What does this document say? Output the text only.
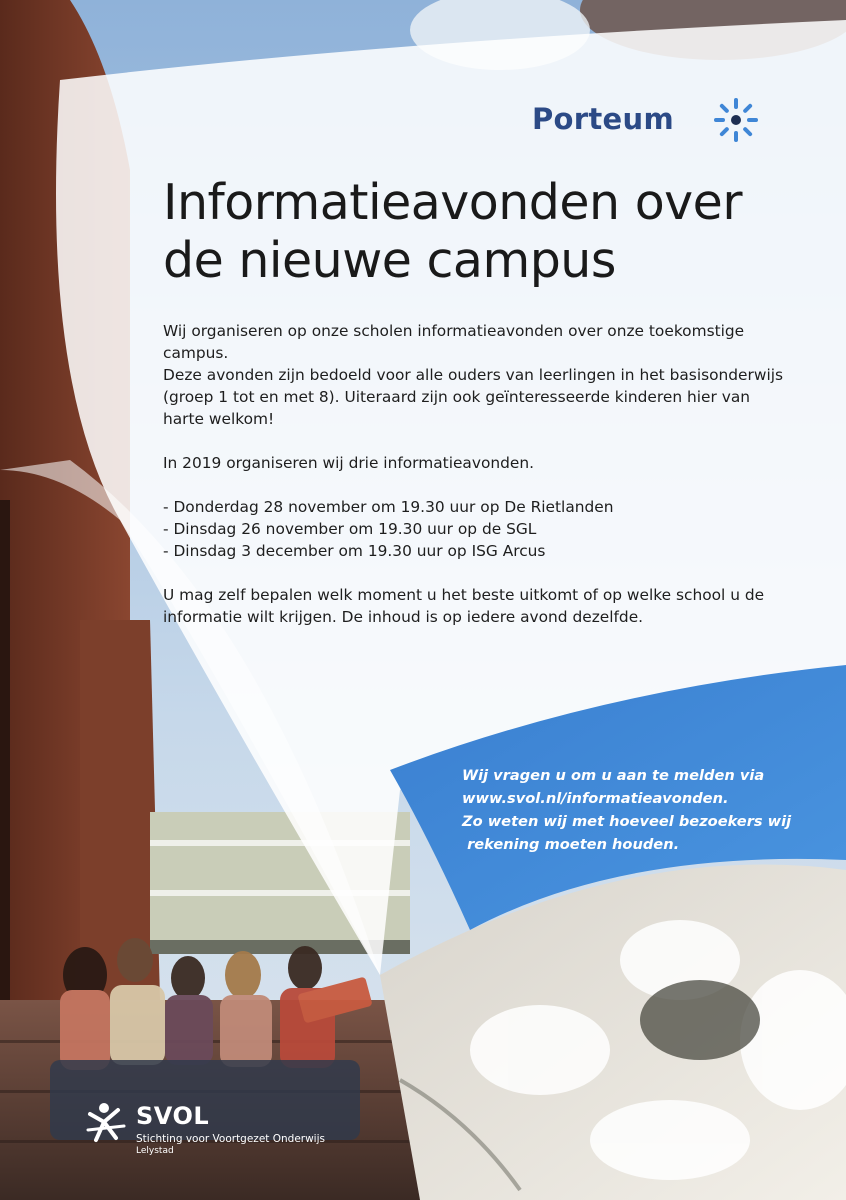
Porteum
Informatieavonden over
de nieuwe campus

Wij organiseren op onze scholen informatieavonden over onze toekomstige
campus.
Deze avonden zijn bedoeld voor alle ouders van leerlingen in het basisonderwijs
(groep 1 tot en met 8). Uiteraard zijn ook geïnteresseerde kinderen hier van
harte welkom!

In 2019 organiseren wij drie informatieavonden.

- Donderdag 28 november om 19.30 uur op De Rietlanden
- Dinsdag 26 november om 19.30 uur op de SGL
- Dinsdag 3 december om 19.30 uur op ISG Arcus

U mag zelf bepalen welk moment u het beste uitkomt of op welke school u de
informatie wilt krijgen. De inhoud is op iedere avond dezelfde.

Wij vragen u om u aan te melden via
www.svol.nl/informatieavonden.
Zo weten wij met hoeveel bezoekers wij
rekening moeten houden.
SVOL
Stichting voor Voortgezet Onderwijs
Lelystad
